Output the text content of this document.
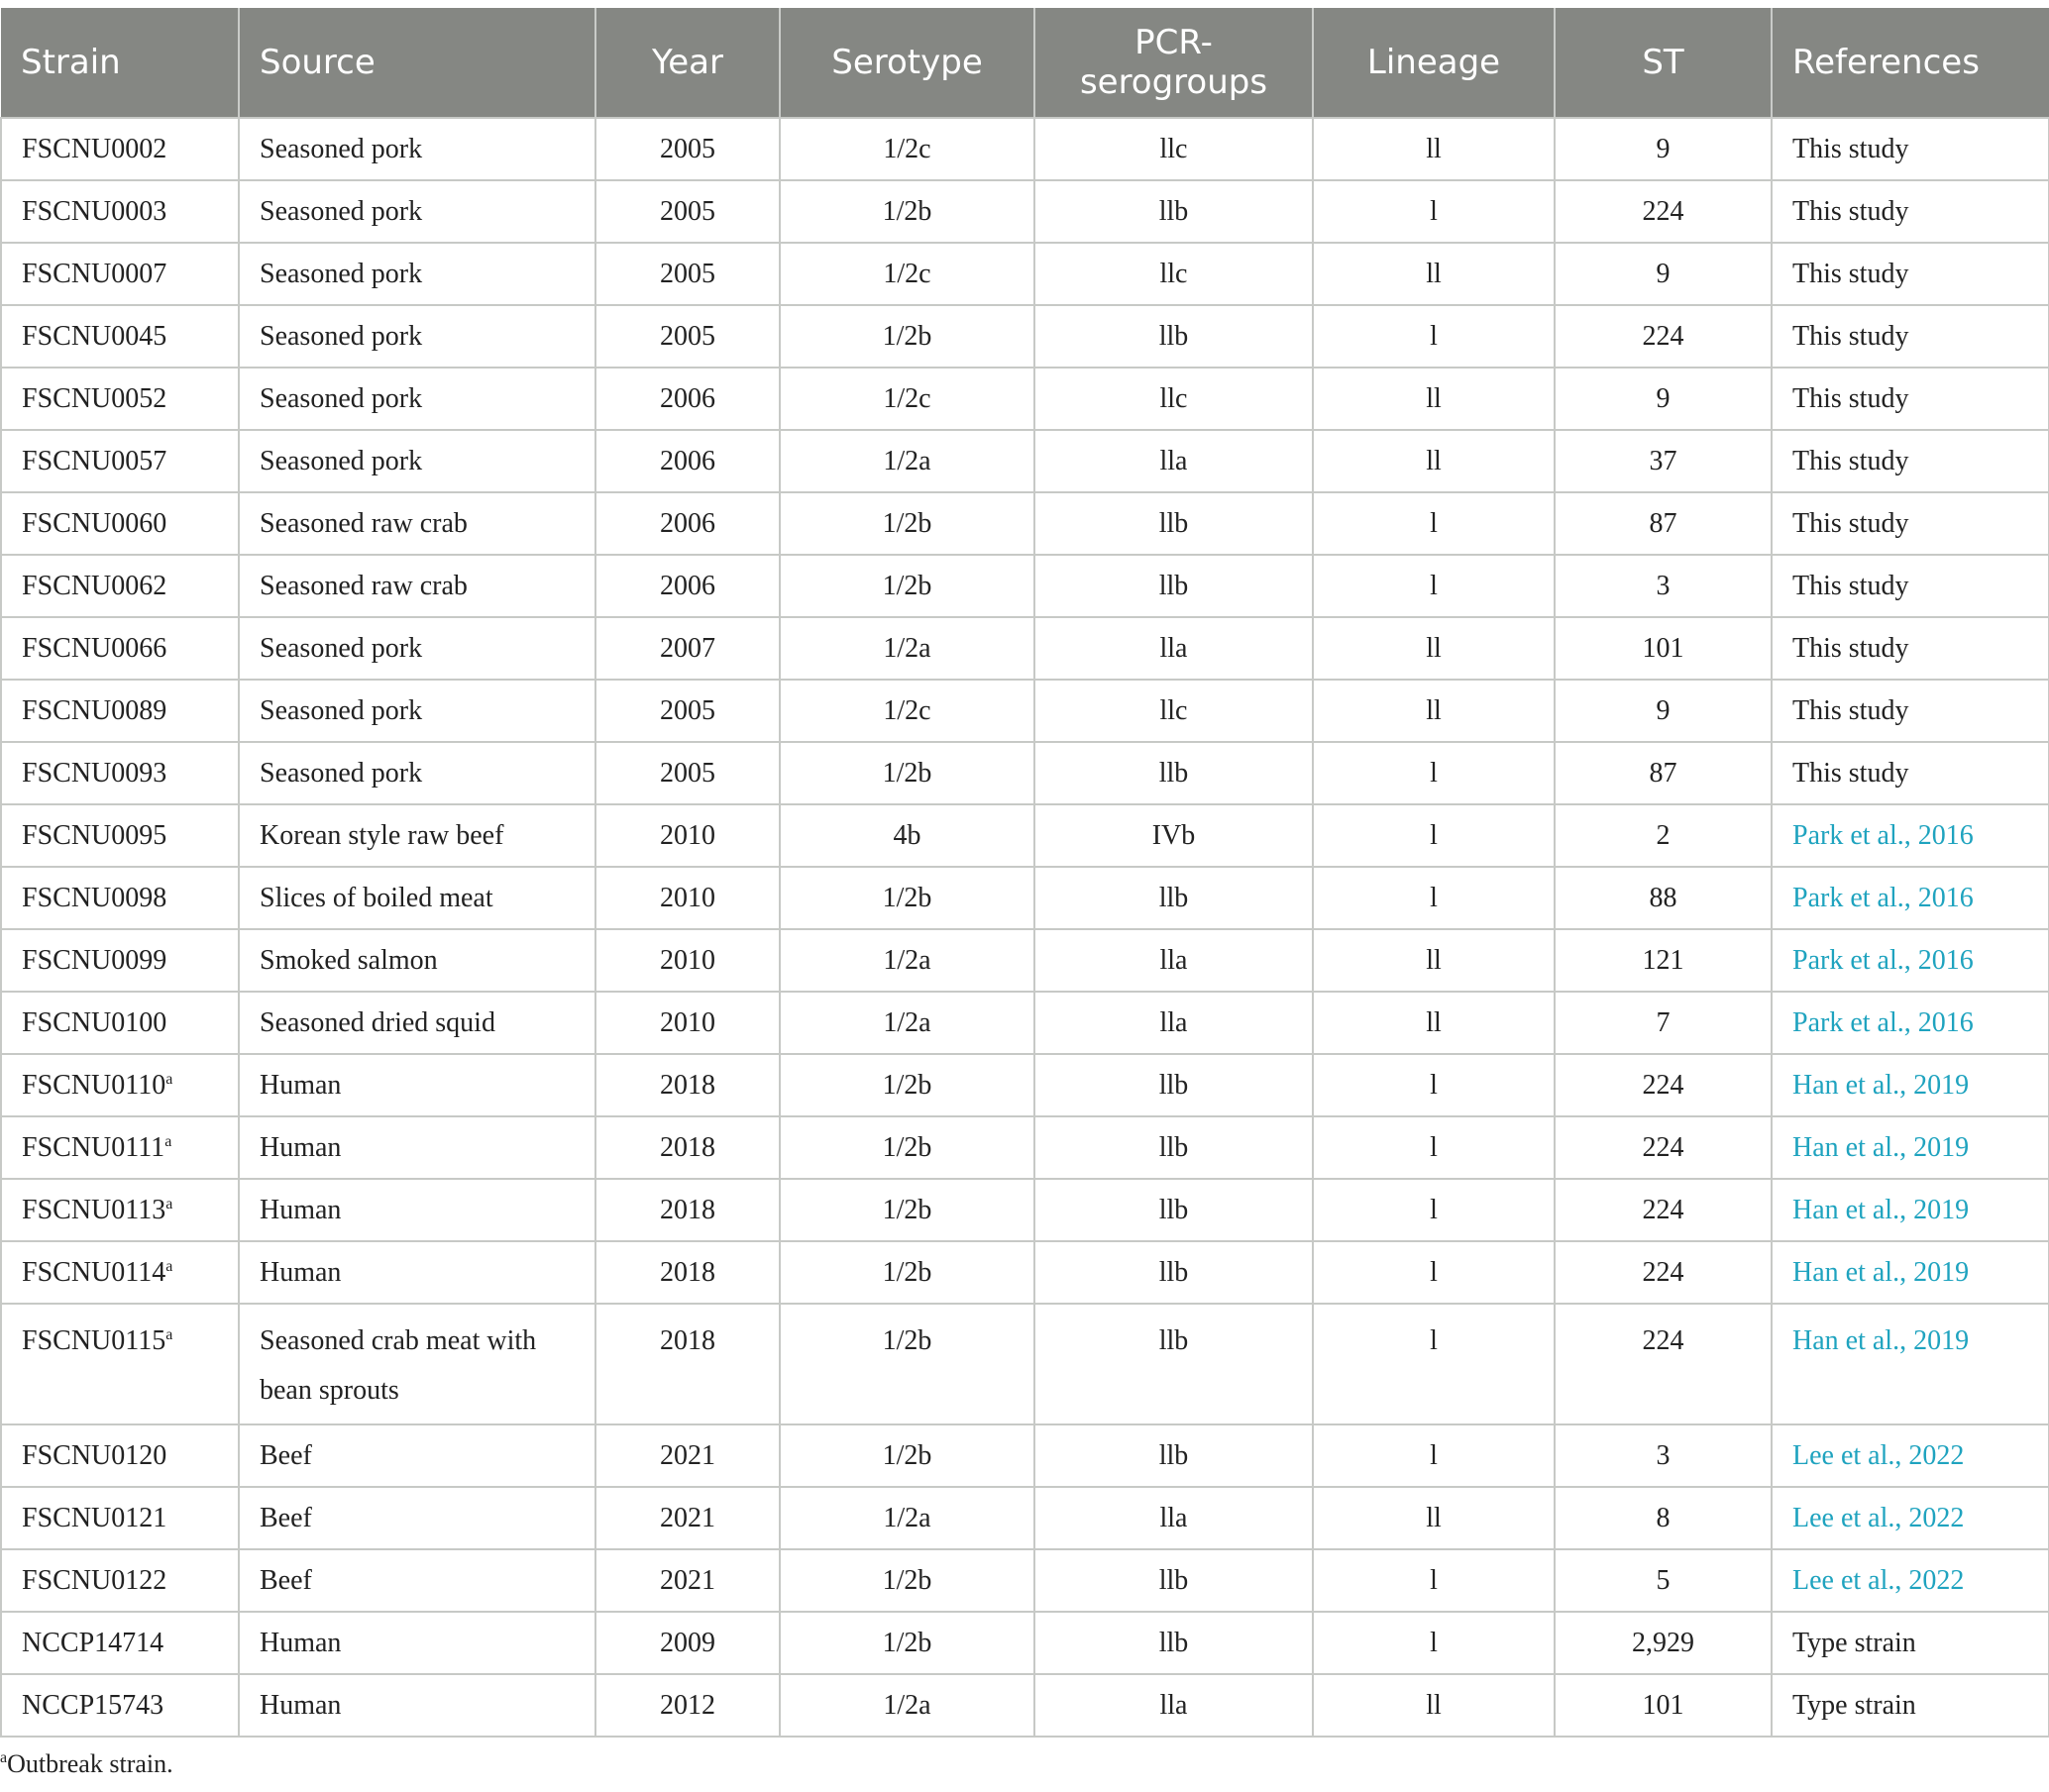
Strain	Source	Year	Serotype	PCR-serogroups	Lineage	ST	References
FSCNU0002	Seasoned pork	2005	1/2c	llc	ll	9	This study
FSCNU0003	Seasoned pork	2005	1/2b	llb	l	224	This study
FSCNU0007	Seasoned pork	2005	1/2c	llc	ll	9	This study
FSCNU0045	Seasoned pork	2005	1/2b	llb	l	224	This study
FSCNU0052	Seasoned pork	2006	1/2c	llc	ll	9	This study
FSCNU0057	Seasoned pork	2006	1/2a	lla	ll	37	This study
FSCNU0060	Seasoned raw crab	2006	1/2b	llb	l	87	This study
FSCNU0062	Seasoned raw crab	2006	1/2b	llb	l	3	This study
FSCNU0066	Seasoned pork	2007	1/2a	lla	ll	101	This study
FSCNU0089	Seasoned pork	2005	1/2c	llc	ll	9	This study
FSCNU0093	Seasoned pork	2005	1/2b	llb	l	87	This study
FSCNU0095	Korean style raw beef	2010	4b	IVb	l	2	Park et al., 2016
FSCNU0098	Slices of boiled meat	2010	1/2b	llb	l	88	Park et al., 2016
FSCNU0099	Smoked salmon	2010	1/2a	lla	ll	121	Park et al., 2016
FSCNU0100	Seasoned dried squid	2010	1/2a	lla	ll	7	Park et al., 2016
FSCNU0110$^a$	Human	2018	1/2b	llb	l	224	Han et al., 2019
FSCNU0111$^a$	Human	2018	1/2b	llb	l	224	Han et al., 2019
FSCNU0113$^a$	Human	2018	1/2b	llb	l	224	Han et al., 2019
FSCNU0114$^a$	Human	2018	1/2b	llb	l	224	Han et al., 2019
FSCNU0115$^a$	Seasoned crab meat with bean sprouts	2018	1/2b	llb	l	224	Han et al., 2019
FSCNU0120	Beef	2021	1/2b	llb	l	3	Lee et al., 2022
FSCNU0121	Beef	2021	1/2a	lla	ll	8	Lee et al., 2022
FSCNU0122	Beef	2021	1/2b	llb	l	5	Lee et al., 2022
NCCP14714	Human	2009	1/2b	llb	l	2,929	Type strain
NCCP15743	Human	2012	1/2a	lla	ll	101	Type strain
$^a$Outbreak strain.
